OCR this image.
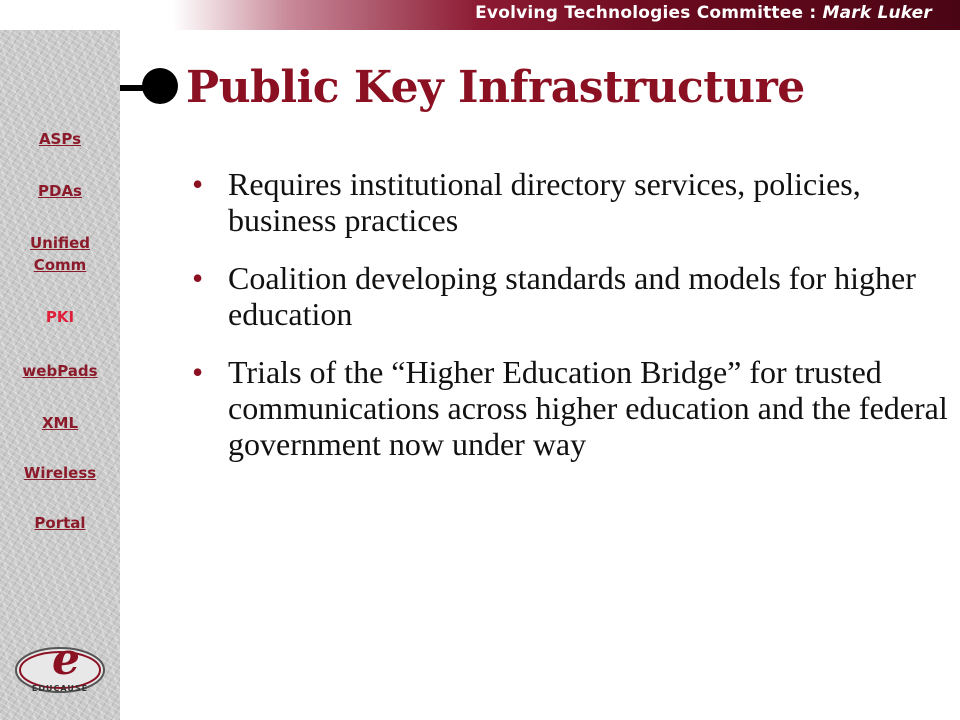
Evolving Technologies Committee : Mark Luker
ASPs
PDAs
Unified Comm
PKI
webPads
XML
Wireless
Portal
e
EDUCAUSE
Public Key Infrastructure
• Requires institutional directory services, policies, business practices
• Coalition developing standards and models for higher education
• Trials of the “Higher Education Bridge” for trusted communications across higher education and the federal government now under way
